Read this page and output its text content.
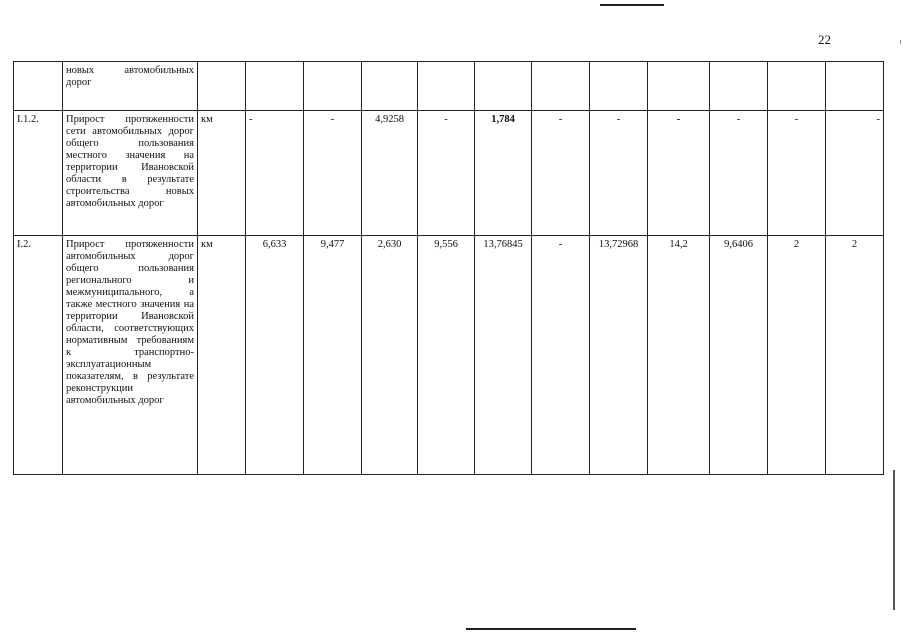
22
	новых автомобильных дорог												
I.1.2.	Прирост протяженности сети автомобильных дорог общего пользования местного значения на территории Ивановской области в результате строительства новых автомобильных дорог	км	-	-	4,9258	-	1,784	-	-	-	-	-	-
I.2.	Прирост протяженности автомобильных дорог общего пользования регионального и межмуниципального, а также местного значения на территории Ивановской области, соответствующих нормативным требованиям к транспортно-эксплуатационным показателям, в результате реконструкции автомобильных дорог	км	6,633	9,477	2,630	9,556	13,76845	-	13,72968	14,2	9,6406	2	2
